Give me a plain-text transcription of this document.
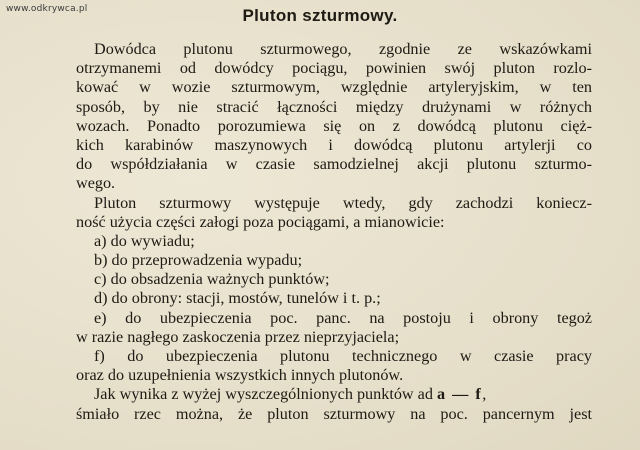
www.odkrywca.pl	Pluton szturmowy.
Dowódca plutonu szturmowego, zgodnie ze wskazówkami
otrzymanemi od dowódcy pociągu, powinien swój pluton rozlo-
kować w wozie szturmowym, względnie artyleryjskim, w ten
sposób, by nie stracić łączności między drużynami w różnych
wozach. Ponadto porozumiewa się on z dowódcą plutonu cięż-
kich karabinów maszynowych i dowódcą plutonu artylerji co
do współdziałania w czasie samodzielnej akcji plutonu szturmo-
wego.
Pluton szturmowy występuje wtedy, gdy zachodzi koniecz-
ność użycia części załogi poza pociągami, a mianowicie:
a) do wywiadu;
b) do przeprowadzenia wypadu;
c) do obsadzenia ważnych punktów;
d) do obrony: stacji, mostów, tunelów i t. p.;
e) do ubezpieczenia poc. panc. na postoju i obrony tegoż
w razie nagłego zaskoczenia przez nieprzyjaciela;
f) do ubezpieczenia plutonu technicznego w czasie pracy
oraz do uzupełnienia wszystkich innych plutonów.
Jak wynika z wyżej wyszczególnionych punktów ad a — f,
śmiało rzec można, że pluton szturmowy na poc. pancernym jest
